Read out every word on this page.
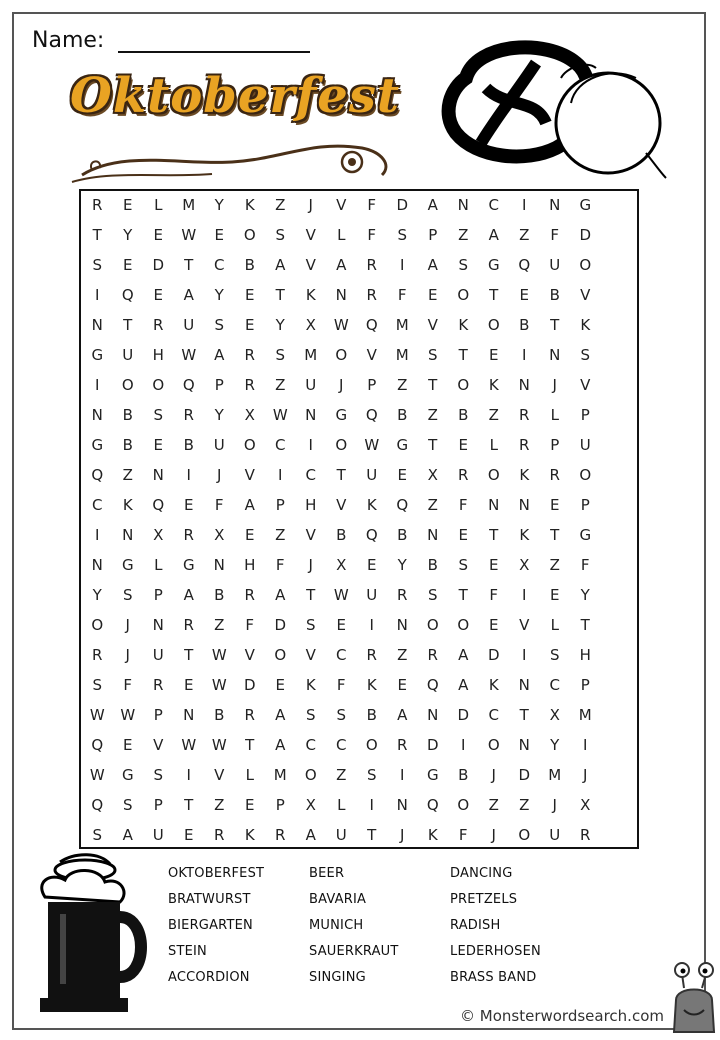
Name:
Oktoberfest
R	E	L	M	Y	K	Z	J	V	F	D	A	N	C	I	N	G
T	Y	E	W	E	O	S	V	L	F	S	P	Z	A	Z	F	D
S	E	D	T	C	B	A	V	A	R	I	A	S	G	Q	U	O
I	Q	E	A	Y	E	T	K	N	R	F	E	O	T	E	B	V
N	T	R	U	S	E	Y	X	W	Q	M	V	K	O	B	T	K
G	U	H	W	A	R	S	M	O	V	M	S	T	E	I	N	S
I	O	O	Q	P	R	Z	U	J	P	Z	T	O	K	N	J	V
N	B	S	R	Y	X	W	N	G	Q	B	Z	B	Z	R	L	P
G	B	E	B	U	O	C	I	O	W	G	T	E	L	R	P	U
Q	Z	N	I	J	V	I	C	T	U	E	X	R	O	K	R	O
C	K	Q	E	F	A	P	H	V	K	Q	Z	F	N	N	E	P
I	N	X	R	X	E	Z	V	B	Q	B	N	E	T	K	T	G
N	G	L	G	N	H	F	J	X	E	Y	B	S	E	X	Z	F
Y	S	P	A	B	R	A	T	W	U	R	S	T	F	I	E	Y
O	J	N	R	Z	F	D	S	E	I	N	O	O	E	V	L	T
R	J	U	T	W	V	O	V	C	R	Z	R	A	D	I	S	H
S	F	R	E	W	D	E	K	F	K	E	Q	A	K	N	C	P
W	W	P	N	B	R	A	S	S	B	A	N	D	C	T	X	M
Q	E	V	W	W	T	A	C	C	O	R	D	I	O	N	Y	I
W	G	S	I	V	L	M	O	Z	S	I	G	B	J	D	M	J
Q	S	P	T	Z	E	P	X	L	I	N	Q	O	Z	Z	J	X
S	A	U	E	R	K	R	A	U	T	J	K	F	J	O	U	R
OKTOBERFEST
BRATWURST
BIERGARTEN
STEIN
ACCORDION
BEER
BAVARIA
MUNICH
SAUERKRAUT
SINGING
DANCING
PRETZELS
RADISH
LEDERHOSEN
BRASS BAND
© Monsterwordsearch.com
